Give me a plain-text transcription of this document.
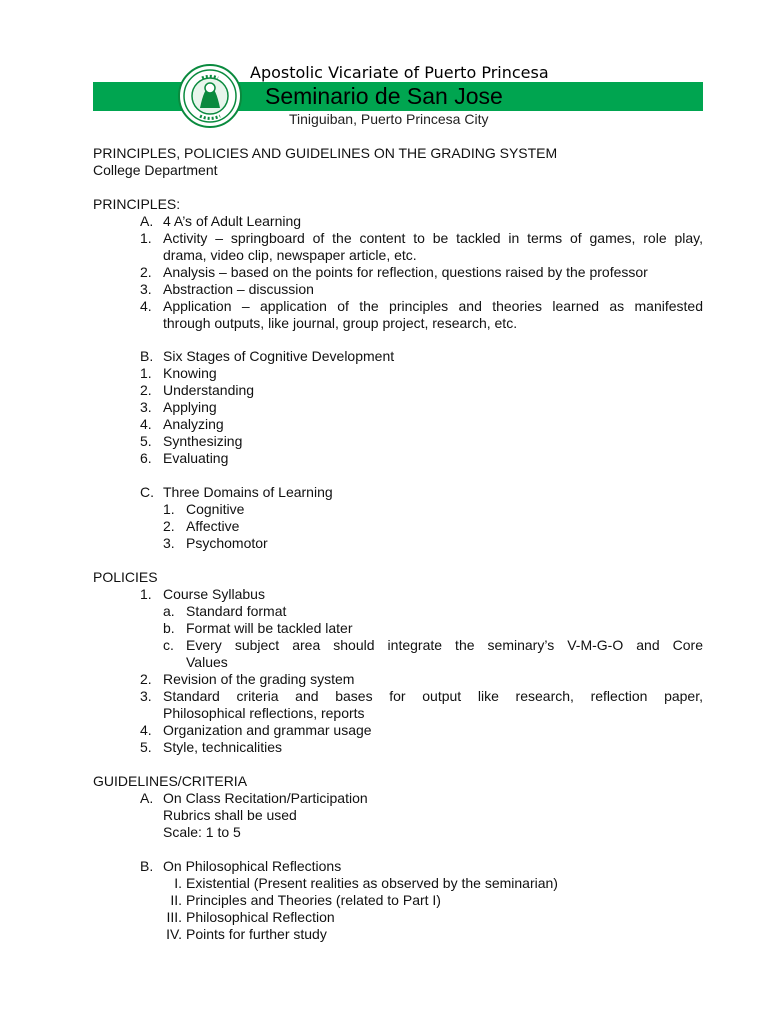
Apostolic Vicariate of Puerto Princesa
Seminario de San Jose
Tiniguiban, Puerto Princesa City
PRINCIPLES, POLICIES AND GUIDELINES ON THE GRADING SYSTEM
College Department
PRINCIPLES:
A. 4 A’s of Adult Learning
1. Activity – springboard of the content to be tackled in terms of games, role play,
drama, video clip, newspaper article, etc.
2. Analysis – based on the points for reflection, questions raised by the professor
3. Abstraction – discussion
4. Application – application of the principles and theories learned as manifested
through outputs, like journal, group project, research, etc.
B. Six Stages of Cognitive Development
1. Knowing
2. Understanding
3. Applying
4. Analyzing
5. Synthesizing
6. Evaluating
C. Three Domains of Learning
1. Cognitive
2. Affective
3. Psychomotor
POLICIES
1. Course Syllabus
a. Standard format
b. Format will be tackled later
c. Every subject area should integrate the seminary’s V-M-G-O and Core
Values
2. Revision of the grading system
3. Standard criteria and bases for output like research, reflection paper,
Philosophical reflections, reports
4. Organization and grammar usage
5. Style, technicalities
GUIDELINES/CRITERIA
A. On Class Recitation/Participation
Rubrics shall be used
Scale: 1 to 5
B. On Philosophical Reflections
I. Existential (Present realities as observed by the seminarian)
II. Principles and Theories (related to Part I)
III. Philosophical Reflection
IV. Points for further study
